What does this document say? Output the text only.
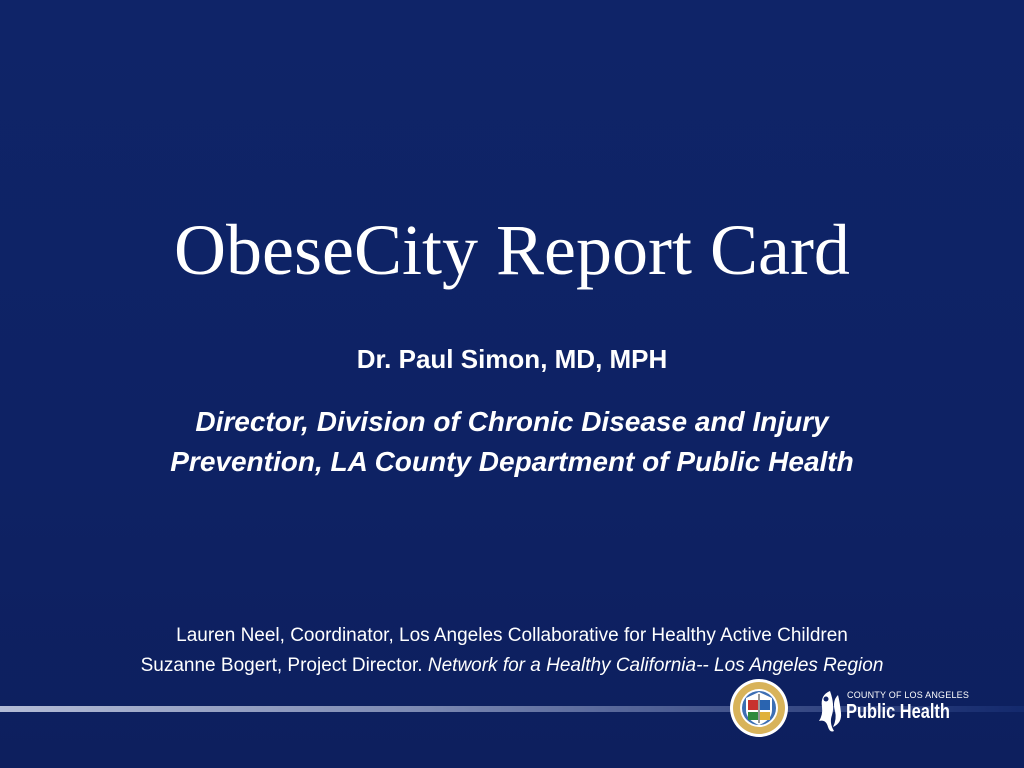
ObeseCity Report Card
Dr. Paul Simon, MD, MPH
Director, Division of Chronic Disease and Injury Prevention, LA County Department of Public Health
Lauren Neel, Coordinator, Los Angeles Collaborative for Healthy Active Children
Suzanne Bogert, Project Director. Network for a Healthy California-- Los Angeles Region
COUNTY OF LOS ANGELES
Public Health
